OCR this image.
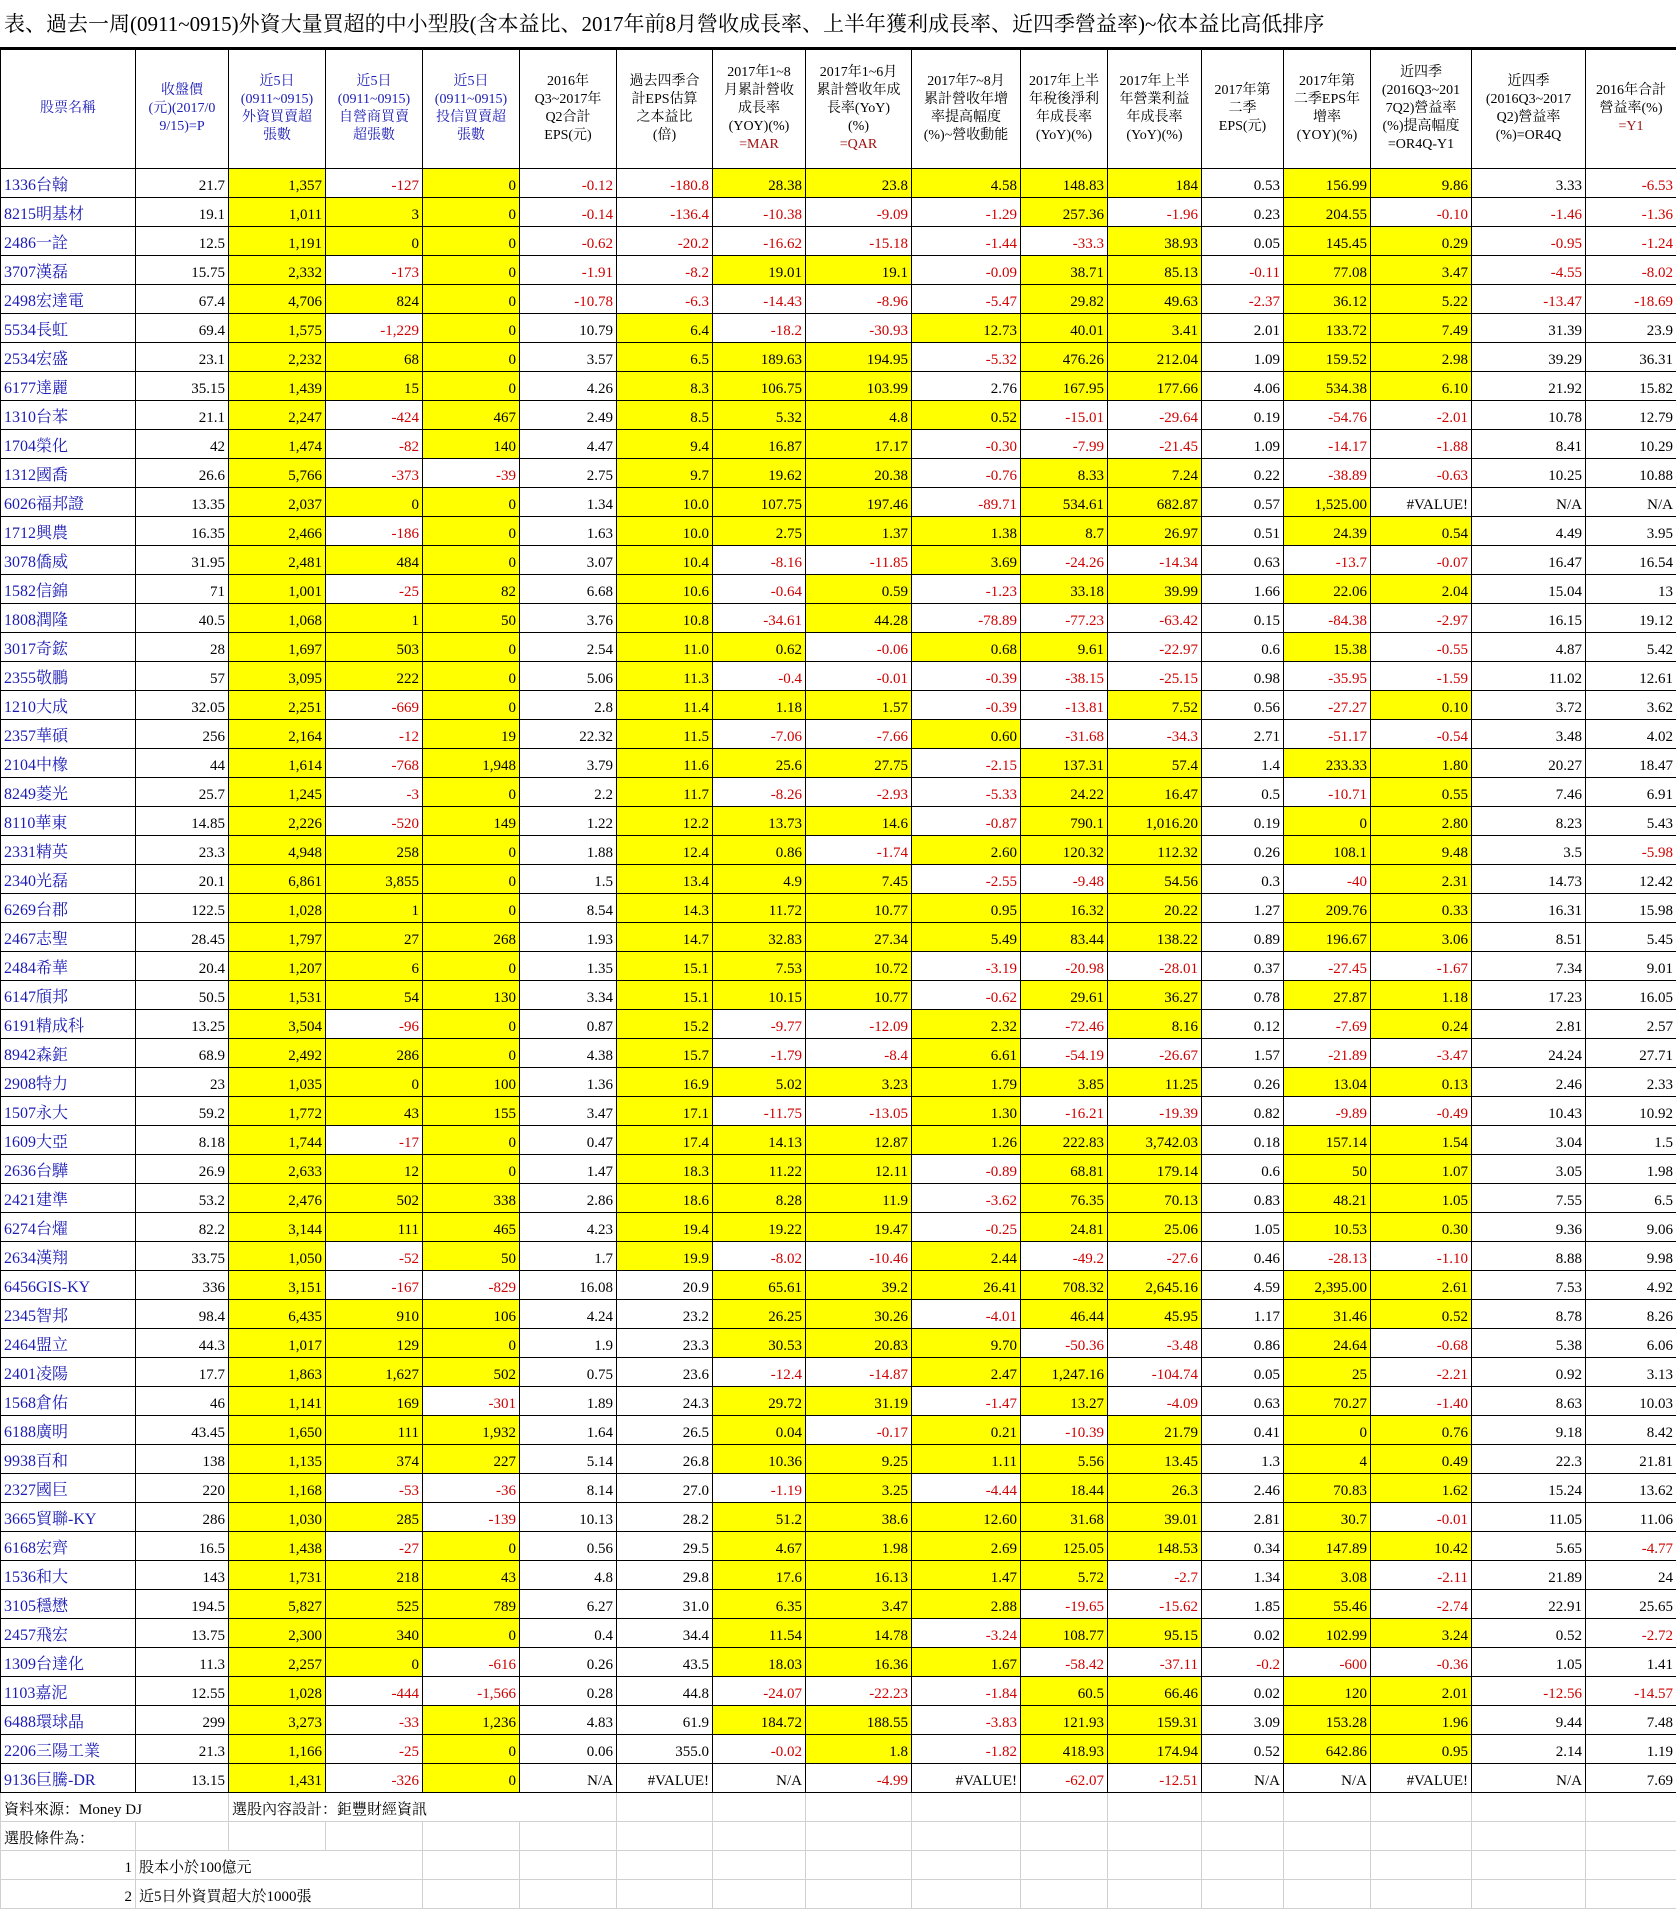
表、過去一周(0911~0915)外資大量買超的中小型股(含本益比、2017年前8月營收成長率、上半年獲利成長率、近四季營益率)~依本益比高低排序
股票名稱	收盤價
(元)(2017/0
9/15)=P	近5日
(0911~0915)
外資買賣超
張數	近5日
(0911~0915)
自營商買賣
超張數	近5日
(0911~0915)
投信買賣超
張數	2016年
Q3~2017年
Q2合計
EPS(元)	過去四季合
計EPS估算
之本益比
(倍)	2017年1~8
月累計營收
成長率
(YOY)(%)
=MAR	2017年1~6月
累計營收年成
長率(YoY)
(%)
=QAR	2017年7~8月
累計營收年增
率提高幅度
(%)~營收動能	2017年上半
年稅後淨利
年成長率
(YoY)(%)	2017年上半
年營業利益
年成長率
(YoY)(%)	2017年第
二季
EPS(元)	2017年第
二季EPS年
增率
(YOY)(%)	近四季
(2016Q3~201
7Q2)營益率
(%)提高幅度
=OR4Q-Y1	近四季
(2016Q3~2017
Q2)營益率
(%)=OR4Q	2016年合計
營益率(%)
=Y1

1336台翰	21.7	1,357	-127	0	-0.12	-180.8	28.38	23.8	4.58	148.83	184	0.53	156.99	9.86	3.33	-6.53
8215明基材	19.1	1,011	3	0	-0.14	-136.4	-10.38	-9.09	-1.29	257.36	-1.96	0.23	204.55	-0.10	-1.46	-1.36
2486一詮	12.5	1,191	0	0	-0.62	-20.2	-16.62	-15.18	-1.44	-33.3	38.93	0.05	145.45	0.29	-0.95	-1.24
3707漢磊	15.75	2,332	-173	0	-1.91	-8.2	19.01	19.1	-0.09	38.71	85.13	-0.11	77.08	3.47	-4.55	-8.02
2498宏達電	67.4	4,706	824	0	-10.78	-6.3	-14.43	-8.96	-5.47	29.82	49.63	-2.37	36.12	5.22	-13.47	-18.69
5534長虹	69.4	1,575	-1,229	0	10.79	6.4	-18.2	-30.93	12.73	40.01	3.41	2.01	133.72	7.49	31.39	23.9
2534宏盛	23.1	2,232	68	0	3.57	6.5	189.63	194.95	-5.32	476.26	212.04	1.09	159.52	2.98	39.29	36.31
6177達麗	35.15	1,439	15	0	4.26	8.3	106.75	103.99	2.76	167.95	177.66	4.06	534.38	6.10	21.92	15.82
1310台苯	21.1	2,247	-424	467	2.49	8.5	5.32	4.8	0.52	-15.01	-29.64	0.19	-54.76	-2.01	10.78	12.79
1704榮化	42	1,474	-82	140	4.47	9.4	16.87	17.17	-0.30	-7.99	-21.45	1.09	-14.17	-1.88	8.41	10.29
1312國喬	26.6	5,766	-373	-39	2.75	9.7	19.62	20.38	-0.76	8.33	7.24	0.22	-38.89	-0.63	10.25	10.88
6026福邦證	13.35	2,037	0	0	1.34	10.0	107.75	197.46	-89.71	534.61	682.87	0.57	1,525.00	#VALUE!	N/A	N/A
1712興農	16.35	2,466	-186	0	1.63	10.0	2.75	1.37	1.38	8.7	26.97	0.51	24.39	0.54	4.49	3.95
3078僑威	31.95	2,481	484	0	3.07	10.4	-8.16	-11.85	3.69	-24.26	-14.34	0.63	-13.7	-0.07	16.47	16.54
1582信錦	71	1,001	-25	82	6.68	10.6	-0.64	0.59	-1.23	33.18	39.99	1.66	22.06	2.04	15.04	13
1808潤隆	40.5	1,068	1	50	3.76	10.8	-34.61	44.28	-78.89	-77.23	-63.42	0.15	-84.38	-2.97	16.15	19.12
3017奇鋐	28	1,697	503	0	2.54	11.0	0.62	-0.06	0.68	9.61	-22.97	0.6	15.38	-0.55	4.87	5.42
2355敬鵬	57	3,095	222	0	5.06	11.3	-0.4	-0.01	-0.39	-38.15	-25.15	0.98	-35.95	-1.59	11.02	12.61
1210大成	32.05	2,251	-669	0	2.8	11.4	1.18	1.57	-0.39	-13.81	7.52	0.56	-27.27	0.10	3.72	3.62
2357華碩	256	2,164	-12	19	22.32	11.5	-7.06	-7.66	0.60	-31.68	-34.3	2.71	-51.17	-0.54	3.48	4.02
2104中橡	44	1,614	-768	1,948	3.79	11.6	25.6	27.75	-2.15	137.31	57.4	1.4	233.33	1.80	20.27	18.47
8249菱光	25.7	1,245	-3	0	2.2	11.7	-8.26	-2.93	-5.33	24.22	16.47	0.5	-10.71	0.55	7.46	6.91
8110華東	14.85	2,226	-520	149	1.22	12.2	13.73	14.6	-0.87	790.1	1,016.20	0.19	0	2.80	8.23	5.43
2331精英	23.3	4,948	258	0	1.88	12.4	0.86	-1.74	2.60	120.32	112.32	0.26	108.1	9.48	3.5	-5.98
2340光磊	20.1	6,861	3,855	0	1.5	13.4	4.9	7.45	-2.55	-9.48	54.56	0.3	-40	2.31	14.73	12.42
6269台郡	122.5	1,028	1	0	8.54	14.3	11.72	10.77	0.95	16.32	20.22	1.27	209.76	0.33	16.31	15.98
2467志聖	28.45	1,797	27	268	1.93	14.7	32.83	27.34	5.49	83.44	138.22	0.89	196.67	3.06	8.51	5.45
2484希華	20.4	1,207	6	0	1.35	15.1	7.53	10.72	-3.19	-20.98	-28.01	0.37	-27.45	-1.67	7.34	9.01
6147頎邦	50.5	1,531	54	130	3.34	15.1	10.15	10.77	-0.62	29.61	36.27	0.78	27.87	1.18	17.23	16.05
6191精成科	13.25	3,504	-96	0	0.87	15.2	-9.77	-12.09	2.32	-72.46	8.16	0.12	-7.69	0.24	2.81	2.57
8942森鉅	68.9	2,492	286	0	4.38	15.7	-1.79	-8.4	6.61	-54.19	-26.67	1.57	-21.89	-3.47	24.24	27.71
2908特力	23	1,035	0	100	1.36	16.9	5.02	3.23	1.79	3.85	11.25	0.26	13.04	0.13	2.46	2.33
1507永大	59.2	1,772	43	155	3.47	17.1	-11.75	-13.05	1.30	-16.21	-19.39	0.82	-9.89	-0.49	10.43	10.92
1609大亞	8.18	1,744	-17	0	0.47	17.4	14.13	12.87	1.26	222.83	3,742.03	0.18	157.14	1.54	3.04	1.5
2636台驊	26.9	2,633	12	0	1.47	18.3	11.22	12.11	-0.89	68.81	179.14	0.6	50	1.07	3.05	1.98
2421建準	53.2	2,476	502	338	2.86	18.6	8.28	11.9	-3.62	76.35	70.13	0.83	48.21	1.05	7.55	6.5
6274台燿	82.2	3,144	111	465	4.23	19.4	19.22	19.47	-0.25	24.81	25.06	1.05	10.53	0.30	9.36	9.06
2634漢翔	33.75	1,050	-52	50	1.7	19.9	-8.02	-10.46	2.44	-49.2	-27.6	0.46	-28.13	-1.10	8.88	9.98
6456GIS-KY	336	3,151	-167	-829	16.08	20.9	65.61	39.2	26.41	708.32	2,645.16	4.59	2,395.00	2.61	7.53	4.92
2345智邦	98.4	6,435	910	106	4.24	23.2	26.25	30.26	-4.01	46.44	45.95	1.17	31.46	0.52	8.78	8.26
2464盟立	44.3	1,017	129	0	1.9	23.3	30.53	20.83	9.70	-50.36	-3.48	0.86	24.64	-0.68	5.38	6.06
2401凌陽	17.7	1,863	1,627	502	0.75	23.6	-12.4	-14.87	2.47	1,247.16	-104.74	0.05	25	-2.21	0.92	3.13
1568倉佑	46	1,141	169	-301	1.89	24.3	29.72	31.19	-1.47	13.27	-4.09	0.63	70.27	-1.40	8.63	10.03
6188廣明	43.45	1,650	111	1,932	1.64	26.5	0.04	-0.17	0.21	-10.39	21.79	0.41	0	0.76	9.18	8.42
9938百和	138	1,135	374	227	5.14	26.8	10.36	9.25	1.11	5.56	13.45	1.3	4	0.49	22.3	21.81
2327國巨	220	1,168	-53	-36	8.14	27.0	-1.19	3.25	-4.44	18.44	26.3	2.46	70.83	1.62	15.24	13.62
3665貿聯-KY	286	1,030	285	-139	10.13	28.2	51.2	38.6	12.60	31.68	39.01	2.81	30.7	-0.01	11.05	11.06
6168宏齊	16.5	1,438	-27	0	0.56	29.5	4.67	1.98	2.69	125.05	148.53	0.34	147.89	10.42	5.65	-4.77
1536和大	143	1,731	218	43	4.8	29.8	17.6	16.13	1.47	5.72	-2.7	1.34	3.08	-2.11	21.89	24
3105穩懋	194.5	5,827	525	789	6.27	31.0	6.35	3.47	2.88	-19.65	-15.62	1.85	55.46	-2.74	22.91	25.65
2457飛宏	13.75	2,300	340	0	0.4	34.4	11.54	14.78	-3.24	108.77	95.15	0.02	102.99	3.24	0.52	-2.72
1309台達化	11.3	2,257	0	-616	0.26	43.5	18.03	16.36	1.67	-58.42	-37.11	-0.2	-600	-0.36	1.05	1.41
1103嘉泥	12.55	1,028	-444	-1,566	0.28	44.8	-24.07	-22.23	-1.84	60.5	66.46	0.02	120	2.01	-12.56	-14.57
6488環球晶	299	3,273	-33	1,236	4.83	61.9	184.72	188.55	-3.83	121.93	159.31	3.09	153.28	1.96	9.44	7.48
2206三陽工業	21.3	1,166	-25	0	0.06	355.0	-0.02	1.8	-1.82	418.93	174.94	0.52	642.86	0.95	2.14	1.19
9136巨騰-DR	13.15	1,431	-326	0	N/A	#VALUE!	N/A	-4.99	#VALUE!	-62.07	-12.51	N/A	N/A	#VALUE!	N/A	7.69
資料來源：Money DJ		選股內容設計：鉅豐財經資訊														
選股條件為：																
1	股本小於100億元															
2	近5日外資買超大於1000張															
